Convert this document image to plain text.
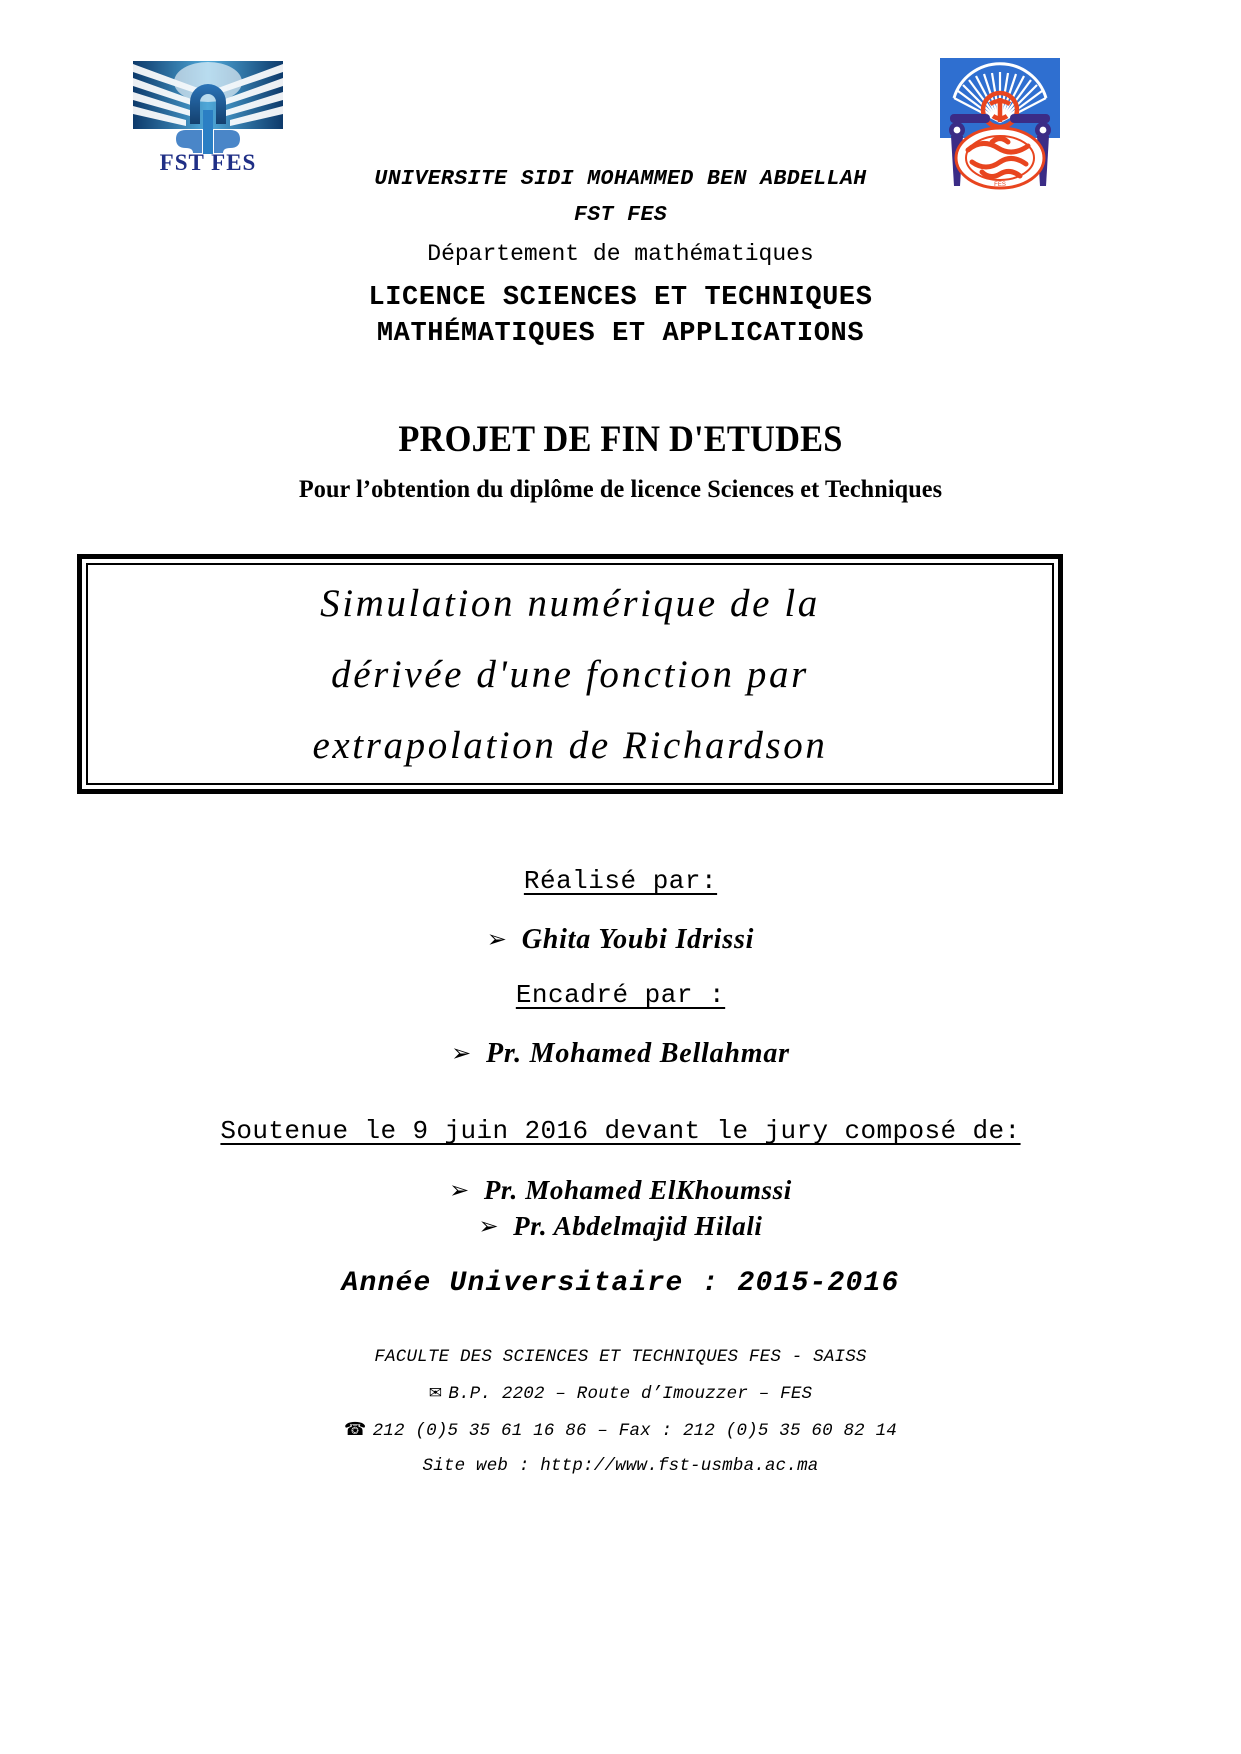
FST FES
FES
UNIVERSITE SIDI MOHAMMED BEN ABDELLAH
FST FES
Département de mathématiques
LICENCE SCIENCES ET TECHNIQUES
MATHÉMATIQUES ET APPLICATIONS
PROJET DE FIN D'ETUDES
Pour l’obtention du diplôme de licence Sciences et Techniques
Simulation numérique de la
dérivée d'une fonction par
extrapolation de Richardson
Réalisé par:
➢ Ghita Youbi Idrissi
Encadré par :
➢ Pr. Mohamed Bellahmar
Soutenue le 9 juin 2016 devant le jury composé de:
➢ Pr. Mohamed ElKhoumssi
➢ Pr. Abdelmajid Hilali
Année Universitaire : 2015-2016
FACULTE DES SCIENCES ET TECHNIQUES FES - SAISS
✉ B.P. 2202 – Route d’Imouzzer – FES
☎ 212 (0)5 35 61 16 86 – Fax : 212 (0)5 35 60 82 14
Site web : http://www.fst-usmba.ac.ma
